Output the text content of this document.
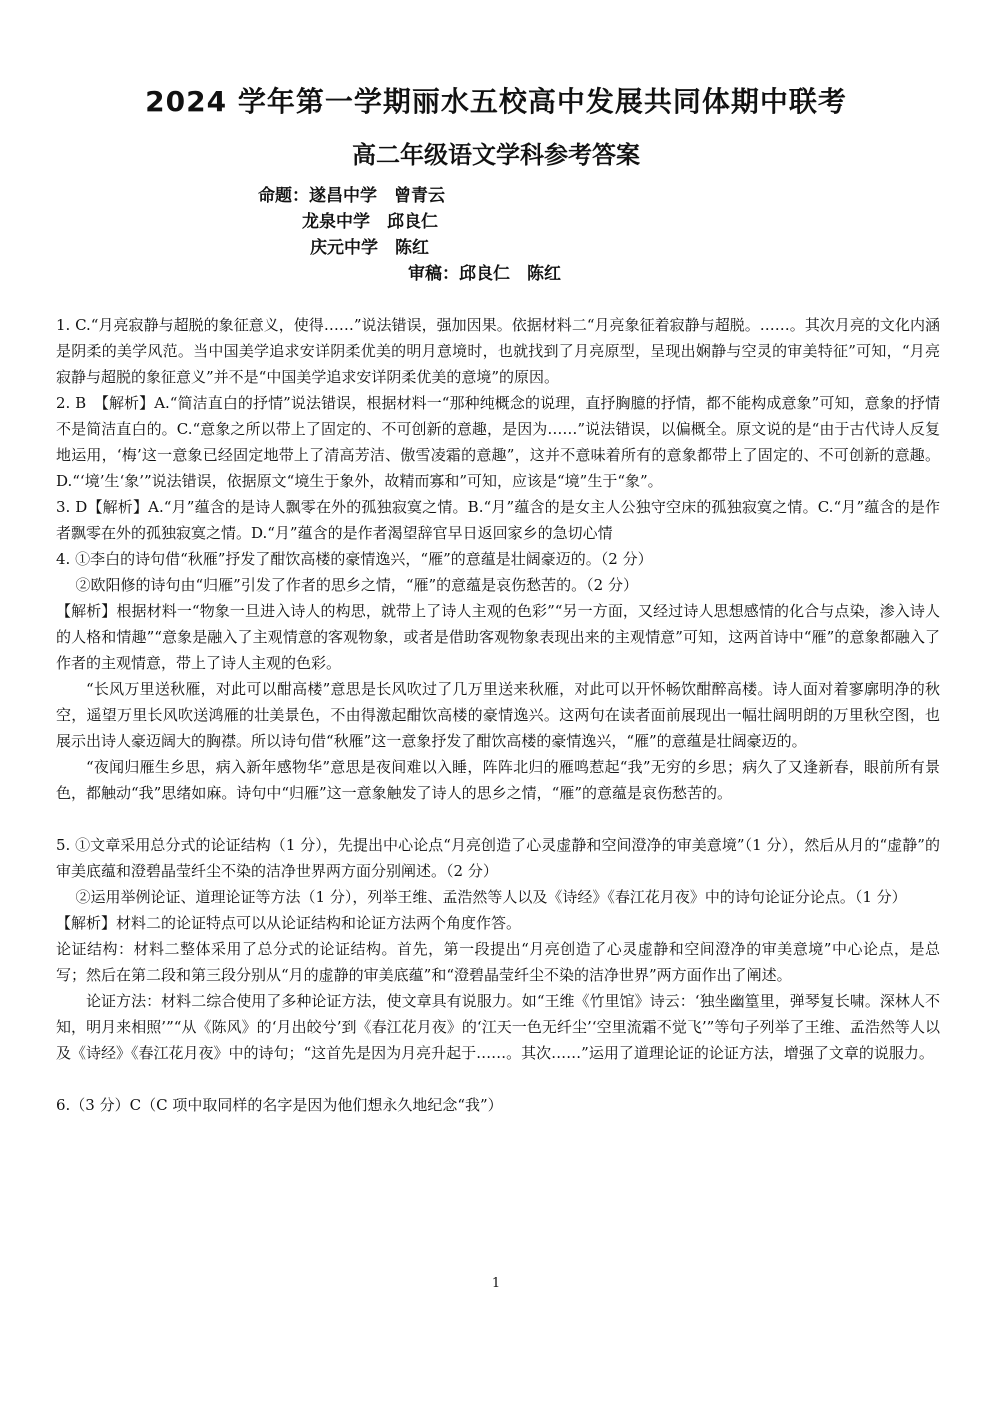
2024 学年第一学期丽水五校高中发展共同体期中联考
高二年级语文学科参考答案
命题：遂昌中学　曾青云
龙泉中学　邱良仁
庆元中学　陈红
审稿：邱良仁　陈红

1. C.“月亮寂静与超脱的象征意义，使得……”说法错误，强加因果。依据材料二“月亮象征着寂静与超脱。……。其次月亮的文化内涵是阴柔的美学风范。当中国美学追求安详阴柔优美的明月意境时，也就找到了月亮原型，呈现出娴静与空灵的审美特征”可知，“月亮寂静与超脱的象征意义”并不是“中国美学追求安详阴柔优美的意境”的原因。

2. B　【解析】A.“简洁直白的抒情”说法错误，根据材料一“那种纯概念的说理，直抒胸臆的抒情，都不能构成意象”可知，意象的抒情不是简洁直白的。C.“意象之所以带上了固定的、不可创新的意趣，是因为……”说法错误，以偏概全。原文说的是“由于古代诗人反复地运用，‘梅’这一意象已经固定地带上了清高芳洁、傲雪凌霜的意趣”，这并不意味着所有的意象都带上了固定的、不可创新的意趣。D.“‘境’生‘象’”说法错误，依据原文“境生于象外，故精而寡和”可知，应该是“境”生于“象”。

3. D【解析】A.“月”蕴含的是诗人飘零在外的孤独寂寞之情。B.“月”蕴含的是女主人公独守空床的孤独寂寞之情。C.“月”蕴含的是作者飘零在外的孤独寂寞之情。D.“月”蕴含的是作者渴望辞官早日返回家乡的急切心情

4. ①李白的诗句借“秋雁”抒发了酣饮高楼的豪情逸兴，“雁”的意蕴是壮阔豪迈的。（2 分）

②欧阳修的诗句由“归雁”引发了作者的思乡之情，“雁”的意蕴是哀伤愁苦的。（2 分）

【解析】根据材料一“物象一旦进入诗人的构思，就带上了诗人主观的色彩”“另一方面，又经过诗人思想感情的化合与点染，渗入诗人的人格和情趣”“意象是融入了主观情意的客观物象，或者是借助客观物象表现出来的主观情意”可知，这两首诗中“雁”的意象都融入了作者的主观情意，带上了诗人主观的色彩。

“长风万里送秋雁，对此可以酣高楼”意思是长风吹过了几万里送来秋雁，对此可以开怀畅饮酣醉高楼。诗人面对着寥廓明净的秋空，遥望万里长风吹送鸿雁的壮美景色，不由得激起酣饮高楼的豪情逸兴。这两句在读者面前展现出一幅壮阔明朗的万里秋空图，也展示出诗人豪迈阔大的胸襟。所以诗句借“秋雁”这一意象抒发了酣饮高楼的豪情逸兴，“雁”的意蕴是壮阔豪迈的。

“夜闻归雁生乡思，病入新年感物华”意思是夜间难以入睡，阵阵北归的雁鸣惹起“我”无穷的乡思；病久了又逢新春，眼前所有景色，都触动“我”思绪如麻。诗句中“归雁”这一意象触发了诗人的思乡之情，“雁”的意蕴是哀伤愁苦的。

5. ①文章采用总分式的论证结构（1 分），先提出中心论点“月亮创造了心灵虚静和空间澄净的审美意境”（1 分），然后从月的“虚静”的审美底蕴和澄碧晶莹纤尘不染的洁净世界两方面分别阐述。（2 分）

②运用举例论证、道理论证等方法（1 分），列举王维、孟浩然等人以及《诗经》《春江花月夜》中的诗句论证分论点。（1 分）

【解析】材料二的论证特点可以从论证结构和论证方法两个角度作答。

论证结构：材料二整体采用了总分式的论证结构。首先，第一段提出“月亮创造了心灵虚静和空间澄净的审美意境”中心论点，是总写；然后在第二段和第三段分别从“月的虚静的审美底蕴”和“澄碧晶莹纤尘不染的洁净世界”两方面作出了阐述。

论证方法：材料二综合使用了多种论证方法，使文章具有说服力。如“王维《竹里馆》诗云：‘独坐幽篁里，弹琴复长啸。深林人不知，明月来相照’”“从《陈风》的‘月出皎兮’到《春江花月夜》的‘江天一色无纤尘’‘空里流霜不觉飞’”等句子列举了王维、孟浩然等人以及《诗经》《春江花月夜》中的诗句；“这首先是因为月亮升起于……。其次……”运用了道理论证的论证方法，增强了文章的说服力。

6.（3 分）C（C 项中取同样的名字是因为他们想永久地纪念“我”）

1
